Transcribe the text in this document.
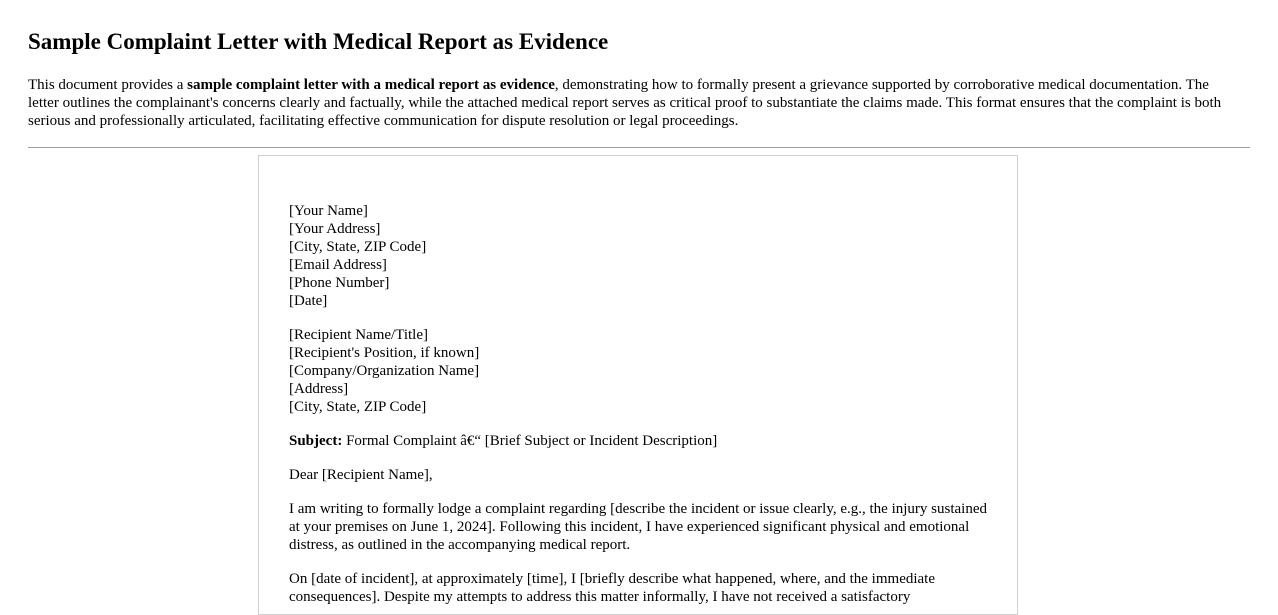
Sample Complaint Letter with Medical Report as Evidence

This document provides a sample complaint letter with a medical report as evidence, demonstrating how to formally present a grievance supported by corroborative medical documentation. The letter outlines the complainant's concerns clearly and factually, while the attached medical report serves as critical proof to substantiate the claims made. This format ensures that the complaint is both serious and professionally articulated, facilitating effective communication for dispute resolution or legal proceedings.

[Your Name]
[Your Address]
[City, State, ZIP Code]
[Email Address]
[Phone Number]
[Date]
[Recipient Name/Title]
[Recipient's Position, if known]
[Company/Organization Name]
[Address]
[City, State, ZIP Code]
Subject: Formal Complaint â€“ [Brief Subject or Incident Description]
Dear [Recipient Name],

I am writing to formally lodge a complaint regarding [describe the incident or issue clearly, e.g., the injury sustained at your premises on June 1, 2024]. Following this incident, I have experienced significant physical and emotional distress, as outlined in the accompanying medical report.

On [date of incident], at approximately [time], I [briefly describe what happened, where, and the immediate consequences]. Despite my attempts to address this matter informally, I have not received a satisfactory
